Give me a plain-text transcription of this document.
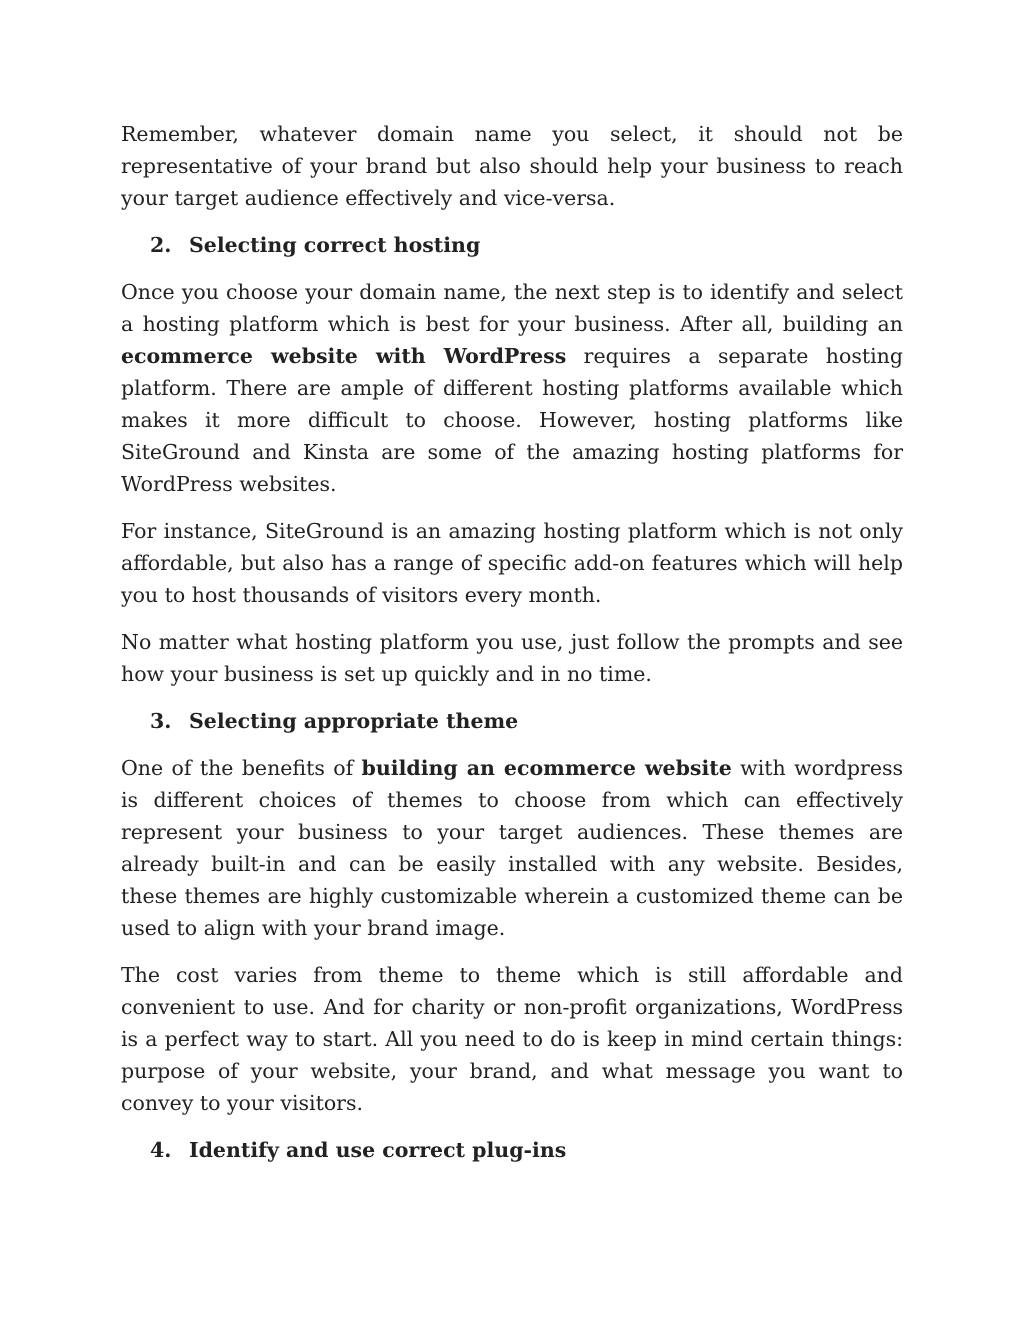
Remember, whatever domain name you select, it should not be representative of your brand but also should help your business to reach your target audience effectively and vice-versa.

2. Selecting correct hosting

Once you choose your domain name, the next step is to identify and select a hosting platform which is best for your business. After all, building an ecommerce website with WordPress requires a separate hosting platform. There are ample of different hosting platforms available which makes it more difficult to choose. However, hosting platforms like SiteGround and Kinsta are some of the amazing hosting platforms for WordPress websites.

For instance, SiteGround is an amazing hosting platform which is not only affordable, but also has a range of specific add-on features which will help you to host thousands of visitors every month.

No matter what hosting platform you use, just follow the prompts and see how your business is set up quickly and in no time.

3. Selecting appropriate theme

One of the benefits of building an ecommerce website with wordpress is different choices of themes to choose from which can effectively represent your business to your target audiences. These themes are already built-in and can be easily installed with any website. Besides, these themes are highly customizable wherein a customized theme can be used to align with your brand image.

The cost varies from theme to theme which is still affordable and convenient to use. And for charity or non-profit organizations, WordPress is a perfect way to start. All you need to do is keep in mind certain things: purpose of your website, your brand, and what message you want to convey to your visitors.

4. Identify and use correct plug-ins
